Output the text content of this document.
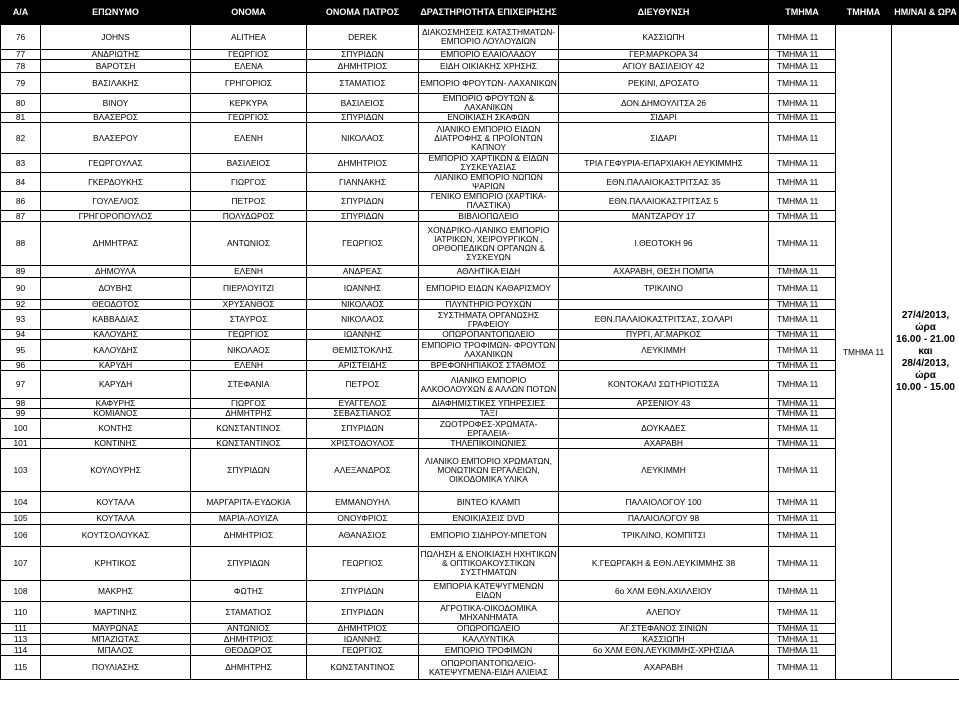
Α/Α	ΕΠΩΝΥΜΟ	ΟΝΟΜΑ	ΟΝΟΜΑ ΠΑΤΡΟΣ	ΔΡΑΣΤΗΡΙΟΤΗΤΑ ΕΠΙΧΕΙΡΗΣΗΣ	ΔΙΕΥΘΥΝΣΗ	ΤΜΗΜΑ	ΤΜΗΜΑ	ΗΜ/ΝΑΙ & ΩΡΑ
76	JOHNS	ALITHEA	DEREK	ΔΙΑΚΟΣΜΗΣΕΙΣ ΚΑΤΑΣΤΗΜΑΤΩΝ-ΕΜΠΟΡΙΟ ΛΟΥΛΟΥΔΙΩΝ	ΚΑΣΣΙΩΠΗ	ΤΜΗΜΑ 11	ΤΜΗΜΑ 11	27/4/2013, ώρα
16.00 - 21.00
και
28/4/2013, ώρα
10.00 - 15.00

77	ΑΝΔΡΙΩΤΗΣ	ΓΕΩΡΓΙΟΣ	ΣΠΥΡΙΔΩΝ	ΕΜΠΟΡΙΟ ΕΛΑΙΟΛΑΔΟΥ	ΓΕΡ.ΜΑΡΚΟΡΑ 34	ΤΜΗΜΑ 11		
78	ΒΑΡΟΤΣΗ	ΕΛΕΝΑ	ΔΗΜΗΤΡΙΟΣ	ΕΙΔΗ ΟΙΚΙΑΚΗΣ ΧΡΗΣΗΣ	ΑΓΙΟΥ ΒΑΣΙΛΕΙΟΥ 42	ΤΜΗΜΑ 11		
79	ΒΑΣΙΛΑΚΗΣ	ΓΡΗΓΟΡΙΟΣ	ΣΤΑΜΑΤΙΟΣ	ΕΜΠΟΡΙΟ ΦΡΟΥΤΩΝ- ΛΑΧΑΝΙΚΩΝ	ΡΕΚΙΝΙ, ΔΡΟΣΑΤΟ	ΤΜΗΜΑ 11		
80	ΒΙΝΟΥ	ΚΕΡΚΥΡΑ	ΒΑΣΙΛΕΙΟΣ	ΕΜΠΟΡΙΟ ΦΡΟΥΤΩΝ & ΛΑΧΑΝΙΚΩΝ	ΔΟΝ.ΔΗΜΟΥΛΙΤΣΑ 26	ΤΜΗΜΑ 11		
81	ΒΛΑΣΕΡΟΣ	ΓΕΩΡΓΙΟΣ	ΣΠΥΡΙΔΩΝ	ΕΝΟΙΚΙΑΣΗ ΣΚΑΦΩΝ	ΣΙΔΑΡΙ	ΤΜΗΜΑ 11		
82	ΒΛΑΣΕΡΟΥ	ΕΛΕΝΗ	ΝΙΚΟΛΑΟΣ	ΛΙΑΝΙΚΟ ΕΜΠΟΡΙΟ ΕΙΔΩΝ ΔΙΑΤΡΟΦΗΣ & ΠΡΟΪΟΝΤΩΝ ΚΑΠΝΟΥ	ΣΙΔΑΡΙ	ΤΜΗΜΑ 11		
83	ΓΕΩΡΓΟΥΛΑΣ	ΒΑΣΙΛΕΙΟΣ	ΔΗΜΗΤΡΙΟΣ	ΕΜΠΟΡΙΟ ΧΑΡΤΙΚΩΝ & ΕΙΔΩΝ ΣΥΣΚΕΥΑΣΙΑΣ	ΤΡΙΑ ΓΕΦΥΡΙΑ-ΕΠΑΡΧΙΑΚΗ ΛΕΥΚΙΜΜΗΣ	ΤΜΗΜΑ 11		
84	ΓΚΕΡΔΟΥΚΗΣ	ΓΙΩΡΓΟΣ	ΓΙΑΝΝΑΚΗΣ	ΛΙΑΝΙΚΟ ΕΜΠΟΡΙΟ ΝΩΠΩΝ ΨΑΡΙΩΝ	ΕΘΝ.ΠΑΛΑΙΟΚΑΣΤΡΙΤΣΑΣ 35	ΤΜΗΜΑ 11		
86	ΓΟΥΛΕΛΙΟΣ	ΠΕΤΡΟΣ	ΣΠΥΡΙΔΩΝ	ΓΕΝΙΚΟ ΕΜΠΟΡΙΟ (ΧΑΡΤΙΚΑ- ΠΛΑΣΤΙΚΑ)	ΕΘΝ.ΠΑΛΑΙΟΚΑΣΤΡΙΤΣΑΣ 5	ΤΜΗΜΑ 11		
87	ΓΡΗΓΟΡΟΠΟΥΛΟΣ	ΠΟΛΥΔΩΡΟΣ	ΣΠΥΡΙΔΩΝ	ΒΙΒΛΙΟΠΩΛΕΙΟ	ΜΑΝΤΖΑΡΟΥ 17	ΤΜΗΜΑ 11		
88	ΔΗΜΗΤΡΑΣ	ΑΝΤΩΝΙΟΣ	ΓΕΩΡΓΙΟΣ	ΧΟΝΔΡΙΚΟ-ΛΙΑΝΙΚΟ ΕΜΠΟΡΙΟ ΙΑΤΡΙΚΩΝ, ΧΕΙΡΟΥΡΓΙΚΩΝ , ΟΡΘΟΠΕΔΙΚΩΝ ΟΡΓΑΝΩΝ & ΣΥΣΚΕΥΩΝ	Ι.ΘΕΟΤΟΚΗ 96	ΤΜΗΜΑ 11		
89	ΔΗΜΟΥΛΑ	ΕΛΕΝΗ	ΑΝΔΡΕΑΣ	ΑΘΛΗΤΙΚΑ ΕΙΔΗ	ΑΧΑΡΑΒΗ, ΘΕΣΗ ΠΟΜΠΑ	ΤΜΗΜΑ 11		
90	ΔΟΥΒΗΣ	ΠΙΕΡΛΟΥΙΤΖΙ	ΙΩΑΝΝΗΣ	ΕΜΠΟΡΙΟ ΕΙΔΩΝ ΚΑΘΑΡΙΣΜΟΥ	ΤΡΙΚΛΙΝΟ	ΤΜΗΜΑ 11		
92	ΘΕΟΔΟΤΟΣ	ΧΡΥΣΑΝΘΟΣ	ΝΙΚΟΛΑΟΣ	ΠΛΥΝΤΗΡΙΟ ΡΟΥΧΩΝ		ΤΜΗΜΑ 11		
93	ΚΑΒΒΑΔΙΑΣ	ΣΤΑΥΡΟΣ	ΝΙΚΟΛΑΟΣ	ΣΥΣΤΗΜΑΤΑ ΟΡΓΑΝΩΣΗΣ ΓΡΑΦΕΙΟΥ	ΕΘΝ.ΠΑΛΑΙΟΚΑΣΤΡΙΤΣΑΣ, ΣΟΛΑΡΙ	ΤΜΗΜΑ 11		
94	ΚΑΛΟΥΔΗΣ	ΓΕΩΡΓΙΟΣ	ΙΩΑΝΝΗΣ	ΟΠΩΡΟΠΑΝΤΟΠΩΛΕΙΟ	ΠΥΡΓΙ, ΑΓ.ΜΑΡΚΟΣ	ΤΜΗΜΑ 11		
95	ΚΑΛΟΥΔΗΣ	ΝΙΚΟΛΑΟΣ	ΘΕΜΙΣΤΟΚΛΗΣ	ΕΜΠΟΡΙΟ ΤΡΟΦΙΜΩΝ- ΦΡΟΥΤΩΝ ΛΑΧΑΝΙΚΩΝ	ΛΕΥΚΙΜΜΗ	ΤΜΗΜΑ 11		
96	ΚΑΡΥΔΗ	ΕΛΕΝΗ	ΑΡΙΣΤΕΙΔΗΣ	ΒΡΕΦΟΝΗΠΙΑΚΟΣ ΣΤΑΘΜΟΣ		ΤΜΗΜΑ 11		
97	ΚΑΡΥΔΗ	ΣΤΕΦΑΝΙΑ	ΠΕΤΡΟΣ	ΛΙΑΝΙΚΟ ΕΜΠΟΡΙΟ ΑΛΚΟΟΛΟΥΧΩΝ & ΑΛΛΩΝ ΠΟΤΩΝ	ΚΟΝΤΟΚΑΛΙ ΣΩΤΗΡΙΟΤΙΣΣΑ	ΤΜΗΜΑ 11		
98	ΚΑΦΥΡΗΣ	ΓΙΩΡΓΟΣ	ΕΥΑΓΓΕΛΟΣ	ΔΙΑΦΗΜΙΣΤΙΚΕΣ ΥΠΗΡΕΣΙΕΣ	ΑΡΣΕΝΙΟΥ 43	ΤΜΗΜΑ 11		
99	ΚΟΜΙΑΝΟΣ	ΔΗΜΗΤΡΗΣ	ΣΕΒΑΣΤΙΑΝΟΣ	ΤΑΞΙ		ΤΜΗΜΑ 11		
100	ΚΟΝΤΗΣ	ΚΩΝΣΤΑΝΤΙΝΟΣ	ΣΠΥΡΙΔΩΝ	ΖΩΟΤΡΟΦΕΣ-ΧΡΩΜΑΤΑ- ΕΡΓΑΛΕΙΑ-	ΔΟΥΚΑΔΕΣ	ΤΜΗΜΑ 11		
101	ΚΟΝΤΙΝΗΣ	ΚΩΝΣΤΑΝΤΙΝΟΣ	ΧΡΙΣΤΟΔΟΥΛΟΣ	ΤΗΛΕΠΙΚΟΙΝΩΝΙΕΣ	ΑΧΑΡΑΒΗ	ΤΜΗΜΑ 11		
103	ΚΟΥΛΟΥΡΗΣ	ΣΠΥΡΙΔΩΝ	ΑΛΕΞΑΝΔΡΟΣ	ΛΙΑΝΙΚΟ ΕΜΠΟΡΙΟ ΧΡΩΜΑΤΩΝ, ΜΟΝΩΤΙΚΩΝ ΕΡΓΑΛΕΙΩΝ, ΟΙΚΟΔΟΜΙΚΑ ΥΛΙΚΑ	ΛΕΥΚΙΜΜΗ	ΤΜΗΜΑ 11		
104	ΚΟΥΤΑΛΑ	ΜΑΡΓΑΡΙΤΑ-ΕΥΔΟΚΙΑ	ΕΜΜΑΝΟΥΗΛ	ΒΙΝΤΕΟ ΚΛΑΜΠ	ΠΑΛΑΙΟΛΟΓΟΥ 100	ΤΜΗΜΑ 11		
105	ΚΟΥΤΑΛΑ	ΜΑΡΙΑ-ΛΟΥΙΖΑ	ΟΝΟΥΦΡΙΟΣ	ΕΝΟΙΚΙΑΣΕΙΣ DVD	ΠΑΛΑΙΟΛΟΓΟΥ 98	ΤΜΗΜΑ 11		
106	ΚΟΥΤΣΟΛΟΥΚΑΣ	ΔΗΜΗΤΡΙΟΣ	ΑΘΑΝΑΣΙΟΣ	ΕΜΠΟΡΙΟ ΣΙΔΗΡΟΥ-ΜΠΕΤΟΝ	ΤΡΙΚΛΙΝΟ, ΚΟΜΠΙΤΣΙ	ΤΜΗΜΑ 11		
107	ΚΡΗΤΙΚΟΣ	ΣΠΥΡΙΔΩΝ	ΓΕΩΡΓΙΟΣ	ΠΩΛΗΣΗ & ΕΝΟΙΚΙΑΣΗ ΗΧΗΤΙΚΩΝ & ΟΠΤΙΚΟΑΚΟΥΣΤΙΚΩΝ ΣΥΣΤΗΜΑΤΩΝ	Κ.ΓΕΩΡΓΑΚΗ & ΕΘΝ.ΛΕΥΚΙΜΜΗΣ 38	ΤΜΗΜΑ 11		
108	ΜΑΚΡΗΣ	ΦΩΤΗΣ	ΣΠΥΡΙΔΩΝ	ΕΜΠΟΡΙΑ ΚΑΤΕΨΥΓΜΕΝΩΝ ΕΙΔΩΝ	6ο ΧΛΜ ΕΘΝ.ΑΧΙΛΛΕΙΟΥ	ΤΜΗΜΑ 11		
110	ΜΑΡΤΙΝΗΣ	ΣΤΑΜΑΤΙΟΣ	ΣΠΥΡΙΔΩΝ	ΑΓΡΟΤΙΚΑ-ΟΙΚΟΔΟΜΙΚΑ ΜΗΧΑΝΗΜΑΤΑ	ΑΛΕΠΟΥ	ΤΜΗΜΑ 11		
111	ΜΑΥΡΩΝΑΣ	ΑΝΤΩΝΙΟΣ	ΔΗΜΗΤΡΙΟΣ	ΟΠΩΡΟΠΩΛΕΙΟ	ΑΓ.ΣΤΕΦΑΝΟΣ ΣΙΝΙΩΝ	ΤΜΗΜΑ 11		
113	ΜΠΑΖΙΩΤΑΣ	ΔΗΜΗΤΡΙΟΣ	ΙΩΑΝΝΗΣ	ΚΑΛΛΥΝΤΙΚΑ	ΚΑΣΣΙΩΠΗ	ΤΜΗΜΑ 11		
114	ΜΠΑΛΟΣ	ΘΕΟΔΩΡΟΣ	ΓΕΩΡΓΙΟΣ	ΕΜΠΟΡΙΟ ΤΡΟΦΙΜΩΝ	6ο ΧΛΜ ΕΘΝ.ΛΕΥΚΙΜΜΗΣ-ΧΡΗΣΙΔΑ	ΤΜΗΜΑ 11		
115	ΠΟΥΛΙΑΣΗΣ	ΔΗΜΗΤΡΗΣ	ΚΩΝΣΤΑΝΤΙΝΟΣ	ΟΠΩΡΟΠΑΝΤΟΠΩΛΕΙΟ- ΚΑΤΕΨΥΓΜΕΝΑ-ΕΙΔΗ ΑΛΙΕΙΑΣ	ΑΧΑΡΑΒΗ	ΤΜΗΜΑ 11		
